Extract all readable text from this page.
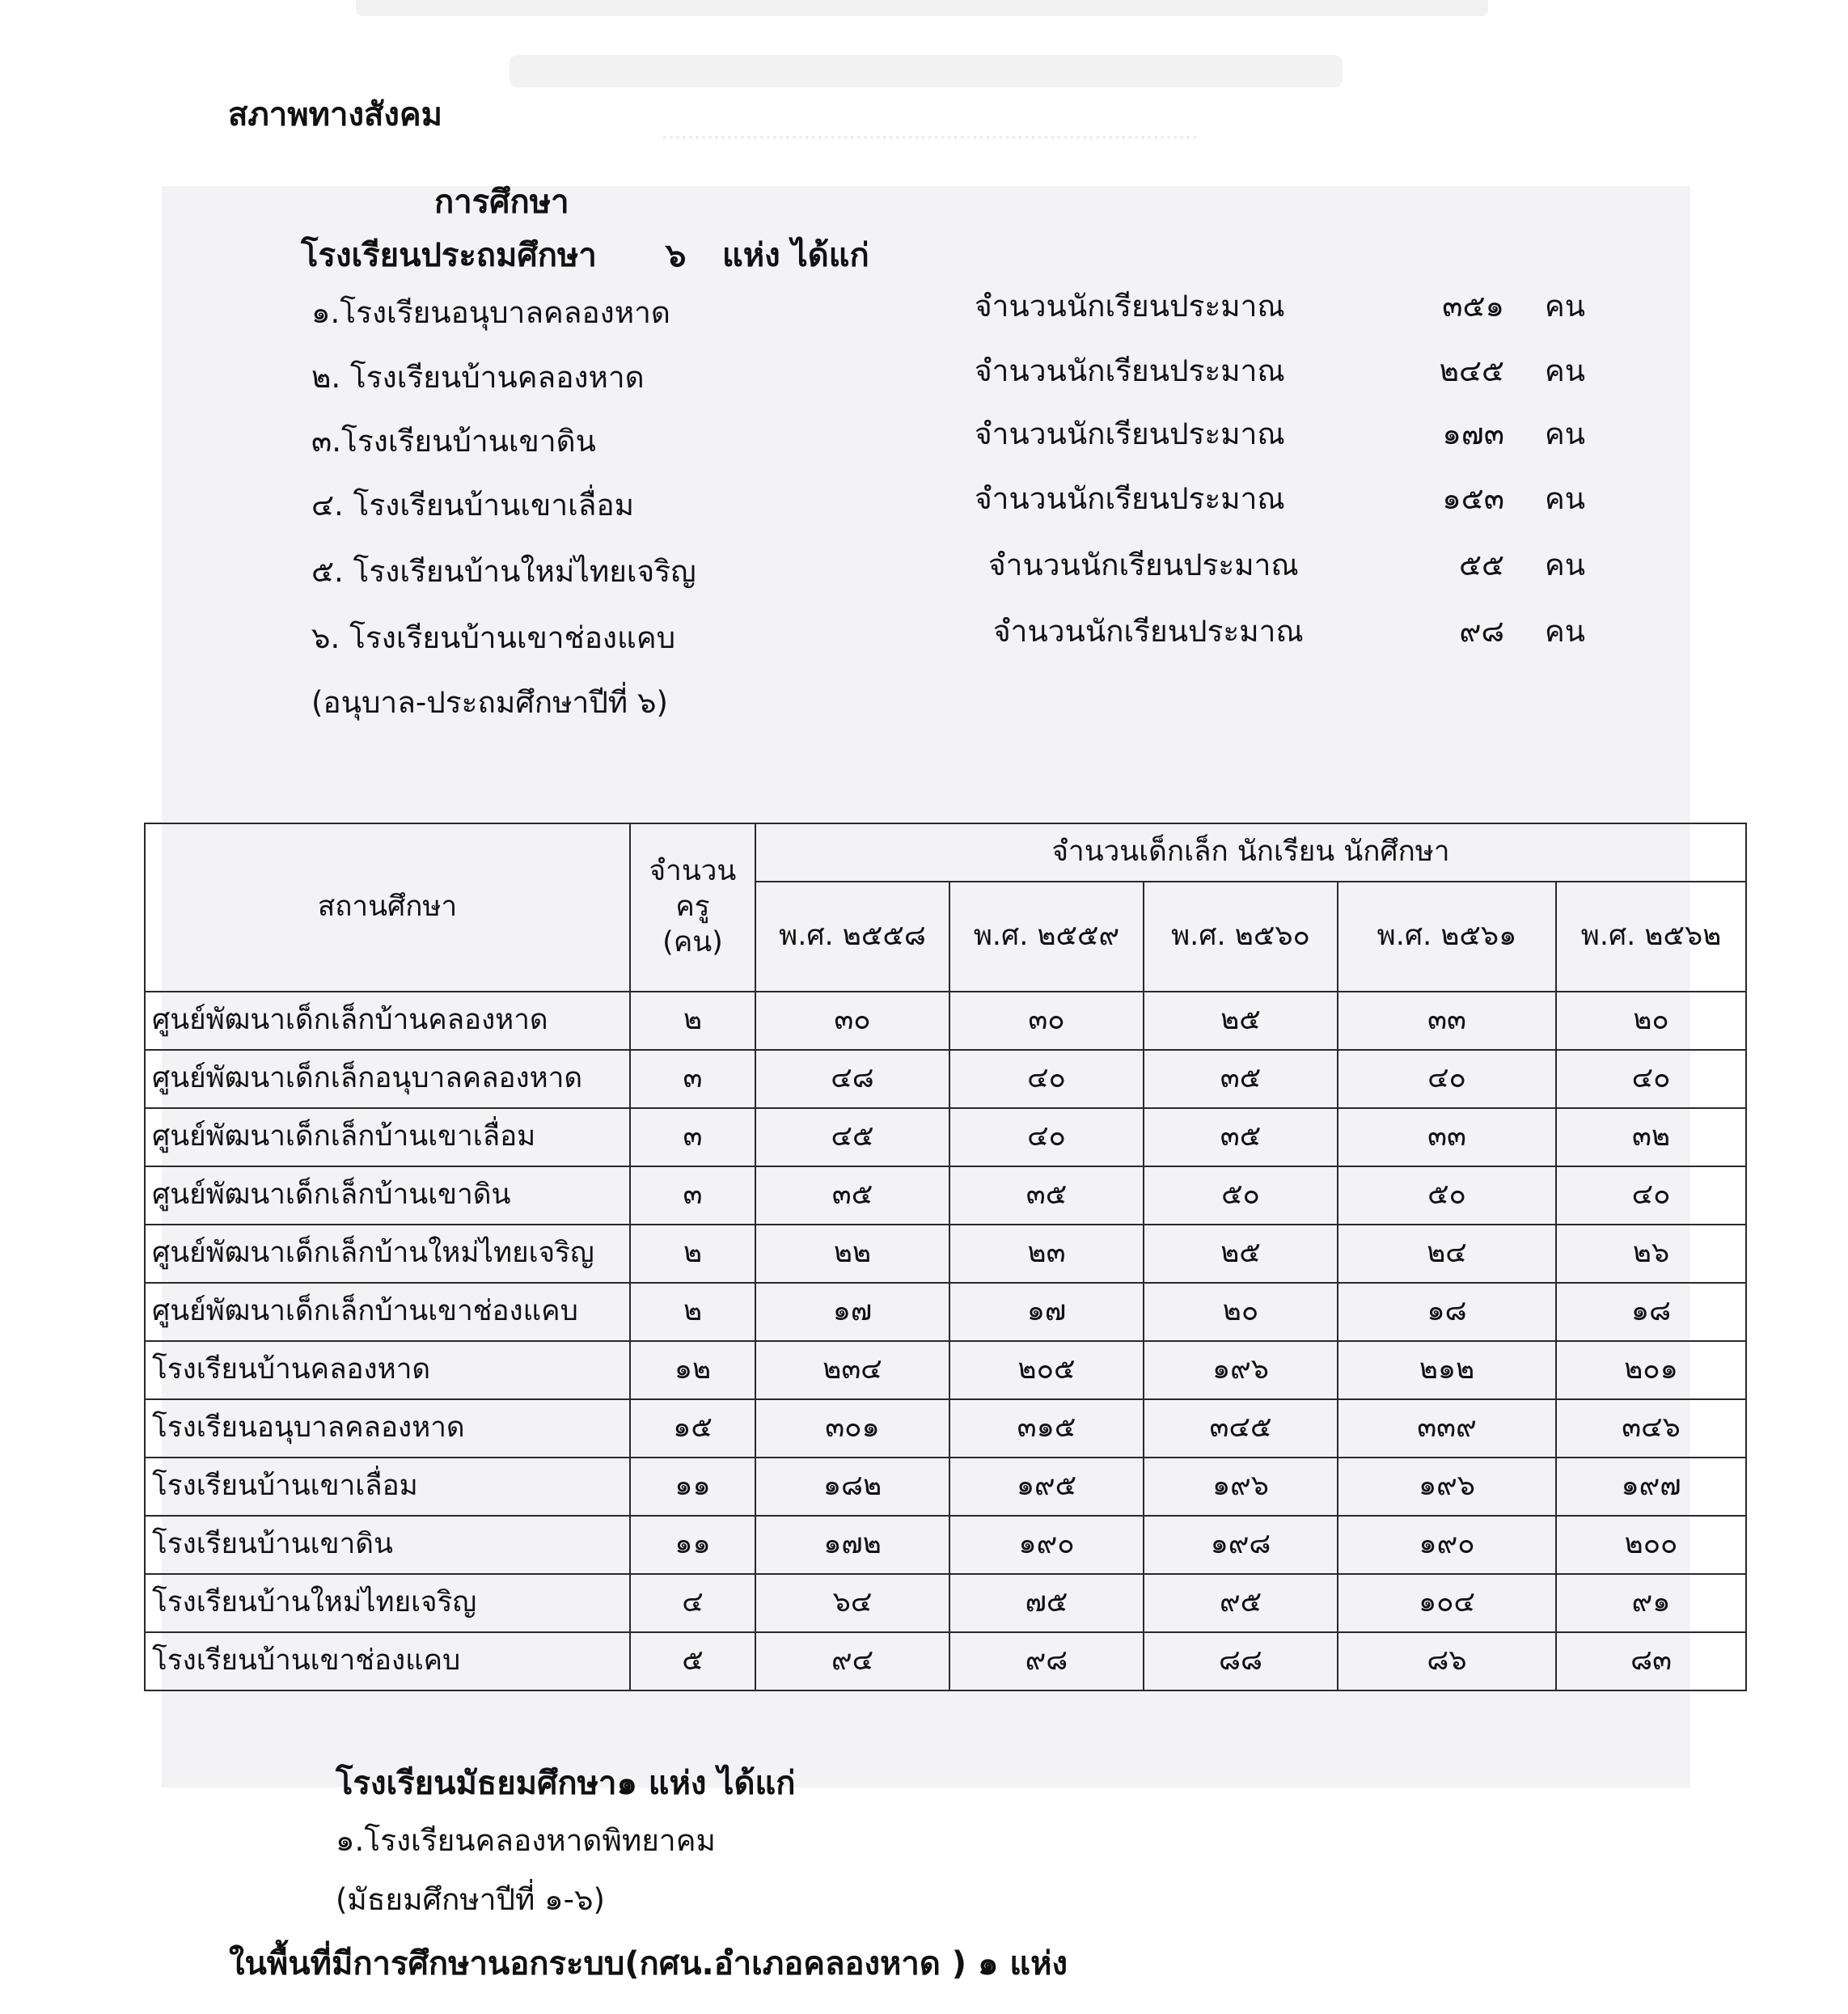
สภาพทางสังคม
การศึกษา
โรงเรียนประถมศึกษา ๖ แห่ง ได้แก่
๑.โรงเรียนอนุบาลคลองหาด	จำนวนนักเรียนประมาณ	๓๕๑ คน
๒. โรงเรียนบ้านคลองหาด	จำนวนนักเรียนประมาณ	๒๔๕ คน
๓.โรงเรียนบ้านเขาดิน	จำนวนนักเรียนประมาณ	๑๗๓ คน
๔. โรงเรียนบ้านเขาเลื่อม	จำนวนนักเรียนประมาณ	๑๕๓ คน
๕. โรงเรียนบ้านใหม่ไทยเจริญ	จำนวนนักเรียนประมาณ	๕๕ คน
๖. โรงเรียนบ้านเขาช่องแคบ	จำนวนนักเรียนประมาณ	๙๘ คน
(อนุบาล-ประถมศึกษาปีที่ ๖)
สถานศึกษา	จำนวน
ครู
(คน)	จำนวนเด็กเล็ก นักเรียน นักศึกษา				
		พ.ศ. ๒๕๕๘	พ.ศ. ๒๕๕๙	พ.ศ. ๒๕๖๐	พ.ศ. ๒๕๖๑	พ.ศ. ๒๕๖๒
ศูนย์พัฒนาเด็กเล็กบ้านคลองหาด	๒	๓๐	๓๐	๒๕	๓๓	๒๐
ศูนย์พัฒนาเด็กเล็กอนุบาลคลองหาด	๓	๔๘	๔๐	๓๕	๔๐	๔๐
ศูนย์พัฒนาเด็กเล็กบ้านเขาเลื่อม	๓	๔๕	๔๐	๓๕	๓๓	๓๒
ศูนย์พัฒนาเด็กเล็กบ้านเขาดิน	๓	๓๕	๓๕	๕๐	๕๐	๔๐
ศูนย์พัฒนาเด็กเล็กบ้านใหม่ไทยเจริญ	๒	๒๒	๒๓	๒๕	๒๔	๒๖
ศูนย์พัฒนาเด็กเล็กบ้านเขาช่องแคบ	๒	๑๗	๑๗	๒๐	๑๘	๑๘
โรงเรียนบ้านคลองหาด	๑๒	๒๓๔	๒๐๕	๑๙๖	๒๑๒	๒๐๑
โรงเรียนอนุบาลคลองหาด	๑๕	๓๐๑	๓๑๕	๓๔๕	๓๓๙	๓๔๖
โรงเรียนบ้านเขาเลื่อม	๑๑	๑๘๒	๑๙๕	๑๙๖	๑๙๖	๑๙๗
โรงเรียนบ้านเขาดิน	๑๑	๑๗๒	๑๙๐	๑๙๘	๑๙๐	๒๐๐
โรงเรียนบ้านใหม่ไทยเจริญ	๔	๖๔	๗๕	๙๕	๑๐๔	๙๑
โรงเรียนบ้านเขาช่องแคบ	๕	๙๔	๙๘	๘๘	๘๖	๘๓
โรงเรียนมัธยมศึกษา๑ แห่ง ได้แก่
๑.โรงเรียนคลองหาดพิทยาคม
(มัธยมศึกษาปีที่ ๑-๖)
ในพื้นที่มีการศึกษานอกระบบ(กศน.อำเภอคลองหาด ) ๑ แห่ง
